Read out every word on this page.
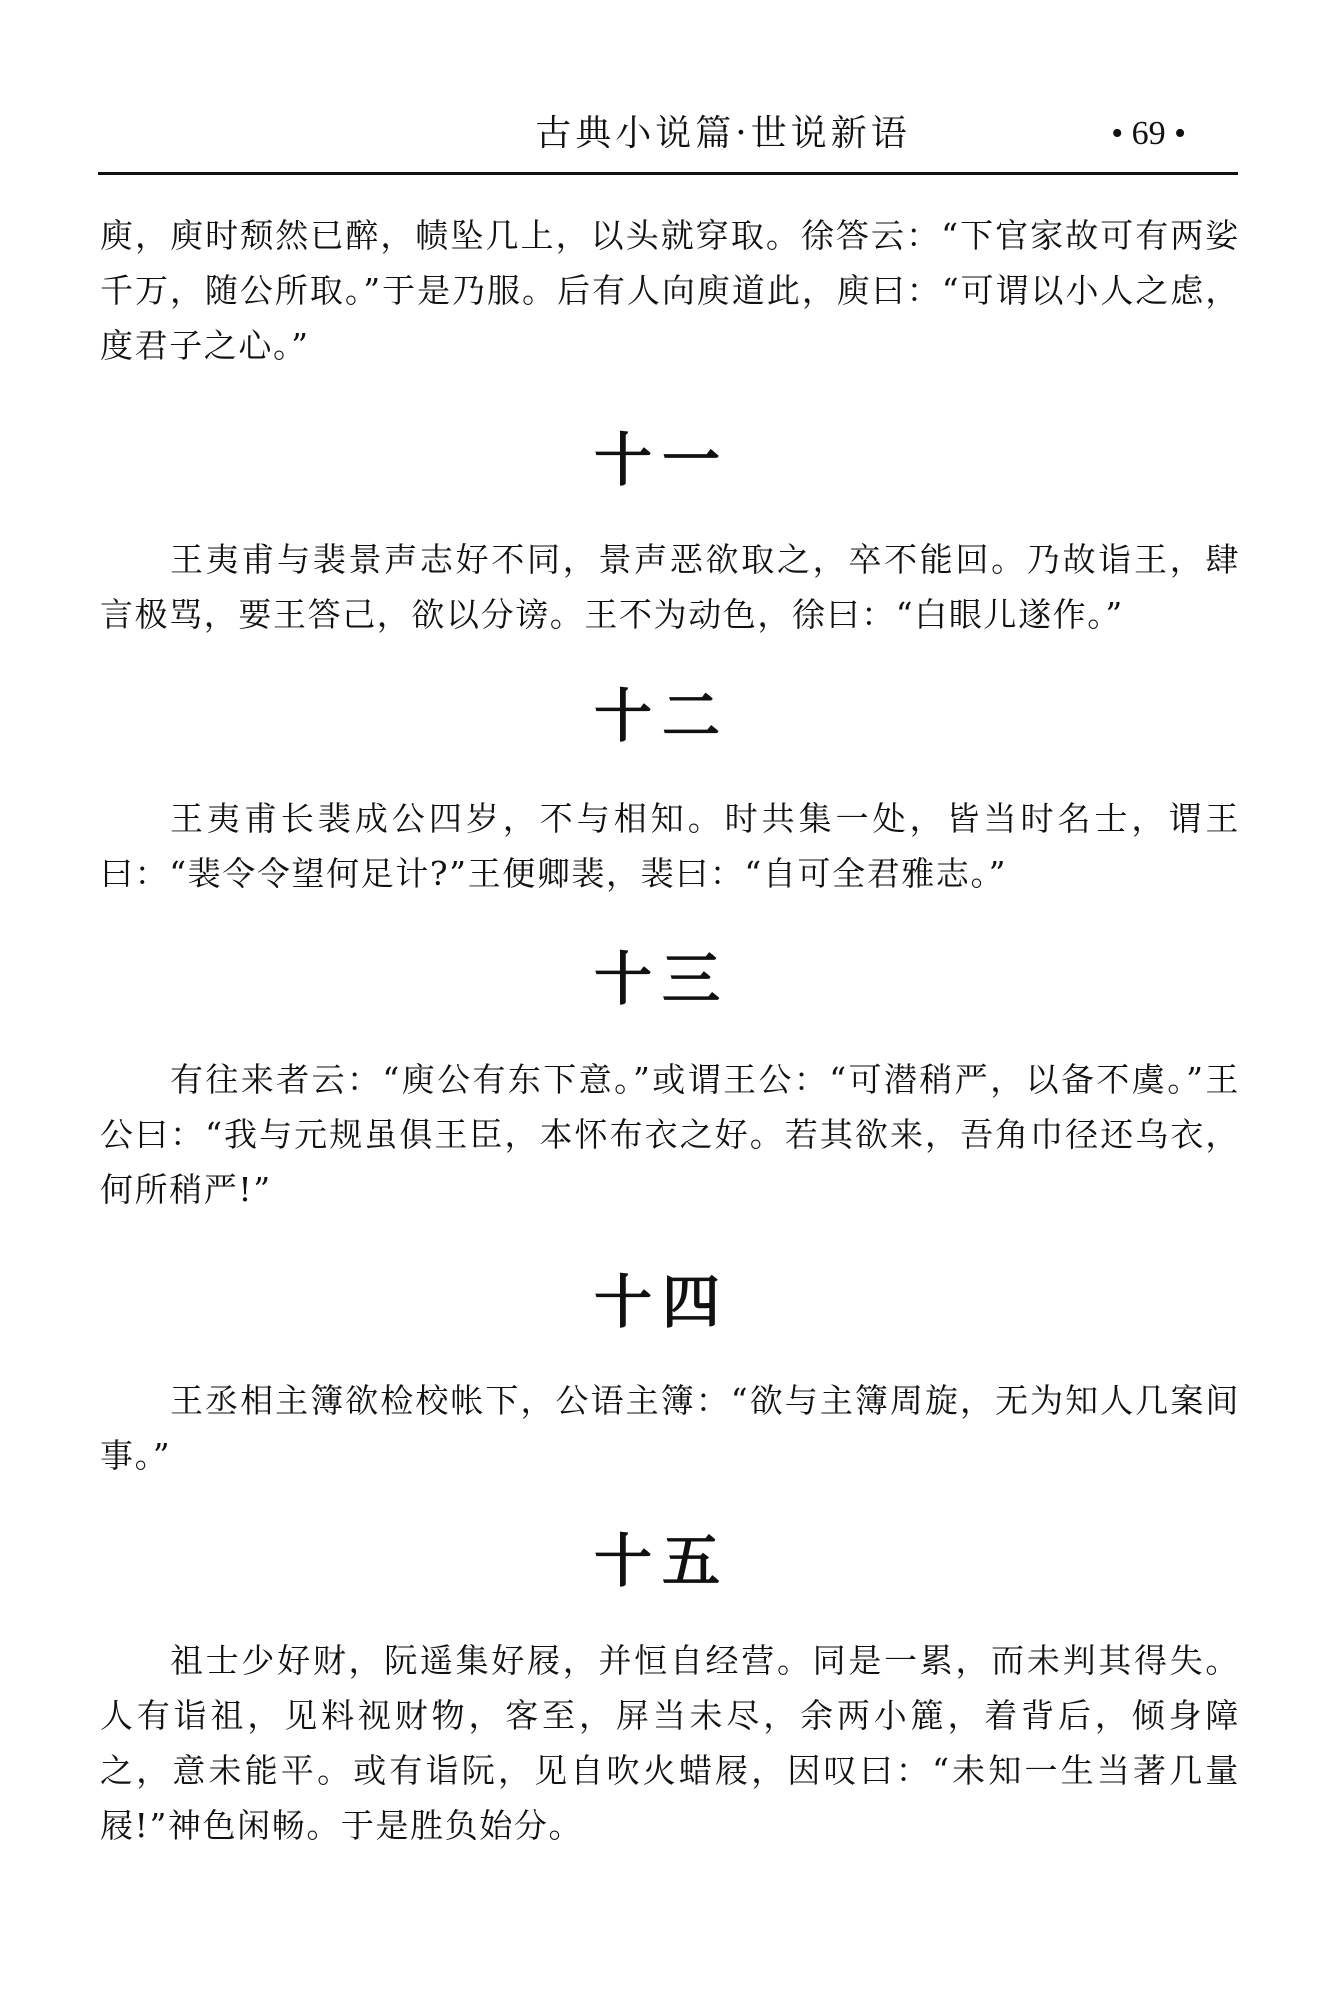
古典小说篇·世说新语	• 69 •

庾，庾时颓然已醉，帻坠几上，以头就穿取。徐答云：“下官家故可有两娑千万，随公所取。”于是乃服。后有人向庾道此，庾曰：“可谓以小人之虑，度君子之心。”

十一

王夷甫与裴景声志好不同，景声恶欲取之，卒不能回。乃故诣王，肆言极骂，要王答己，欲以分谤。王不为动色，徐曰：“白眼儿遂作。”

十二

王夷甫长裴成公四岁，不与相知。时共集一处，皆当时名士，谓王曰：“裴令令望何足计?”王便卿裴，裴曰：“自可全君雅志。”

十三

有往来者云：“庾公有东下意。”或谓王公：“可潜稍严，以备不虞。”王公曰：“我与元规虽俱王臣，本怀布衣之好。若其欲来，吾角巾径还乌衣，何所稍严!”

十四

王丞相主簿欲检校帐下，公语主簿：“欲与主簿周旋，无为知人几案间事。”

十五

祖士少好财，阮遥集好屐，并恒自经营。同是一累，而未判其得失。人有诣祖，见料视财物，客至，屏当未尽，余两小簏，着背后，倾身障之，意未能平。或有诣阮，见自吹火蜡屐，因叹曰：“未知一生当著几量屐!”神色闲畅。于是胜负始分。
